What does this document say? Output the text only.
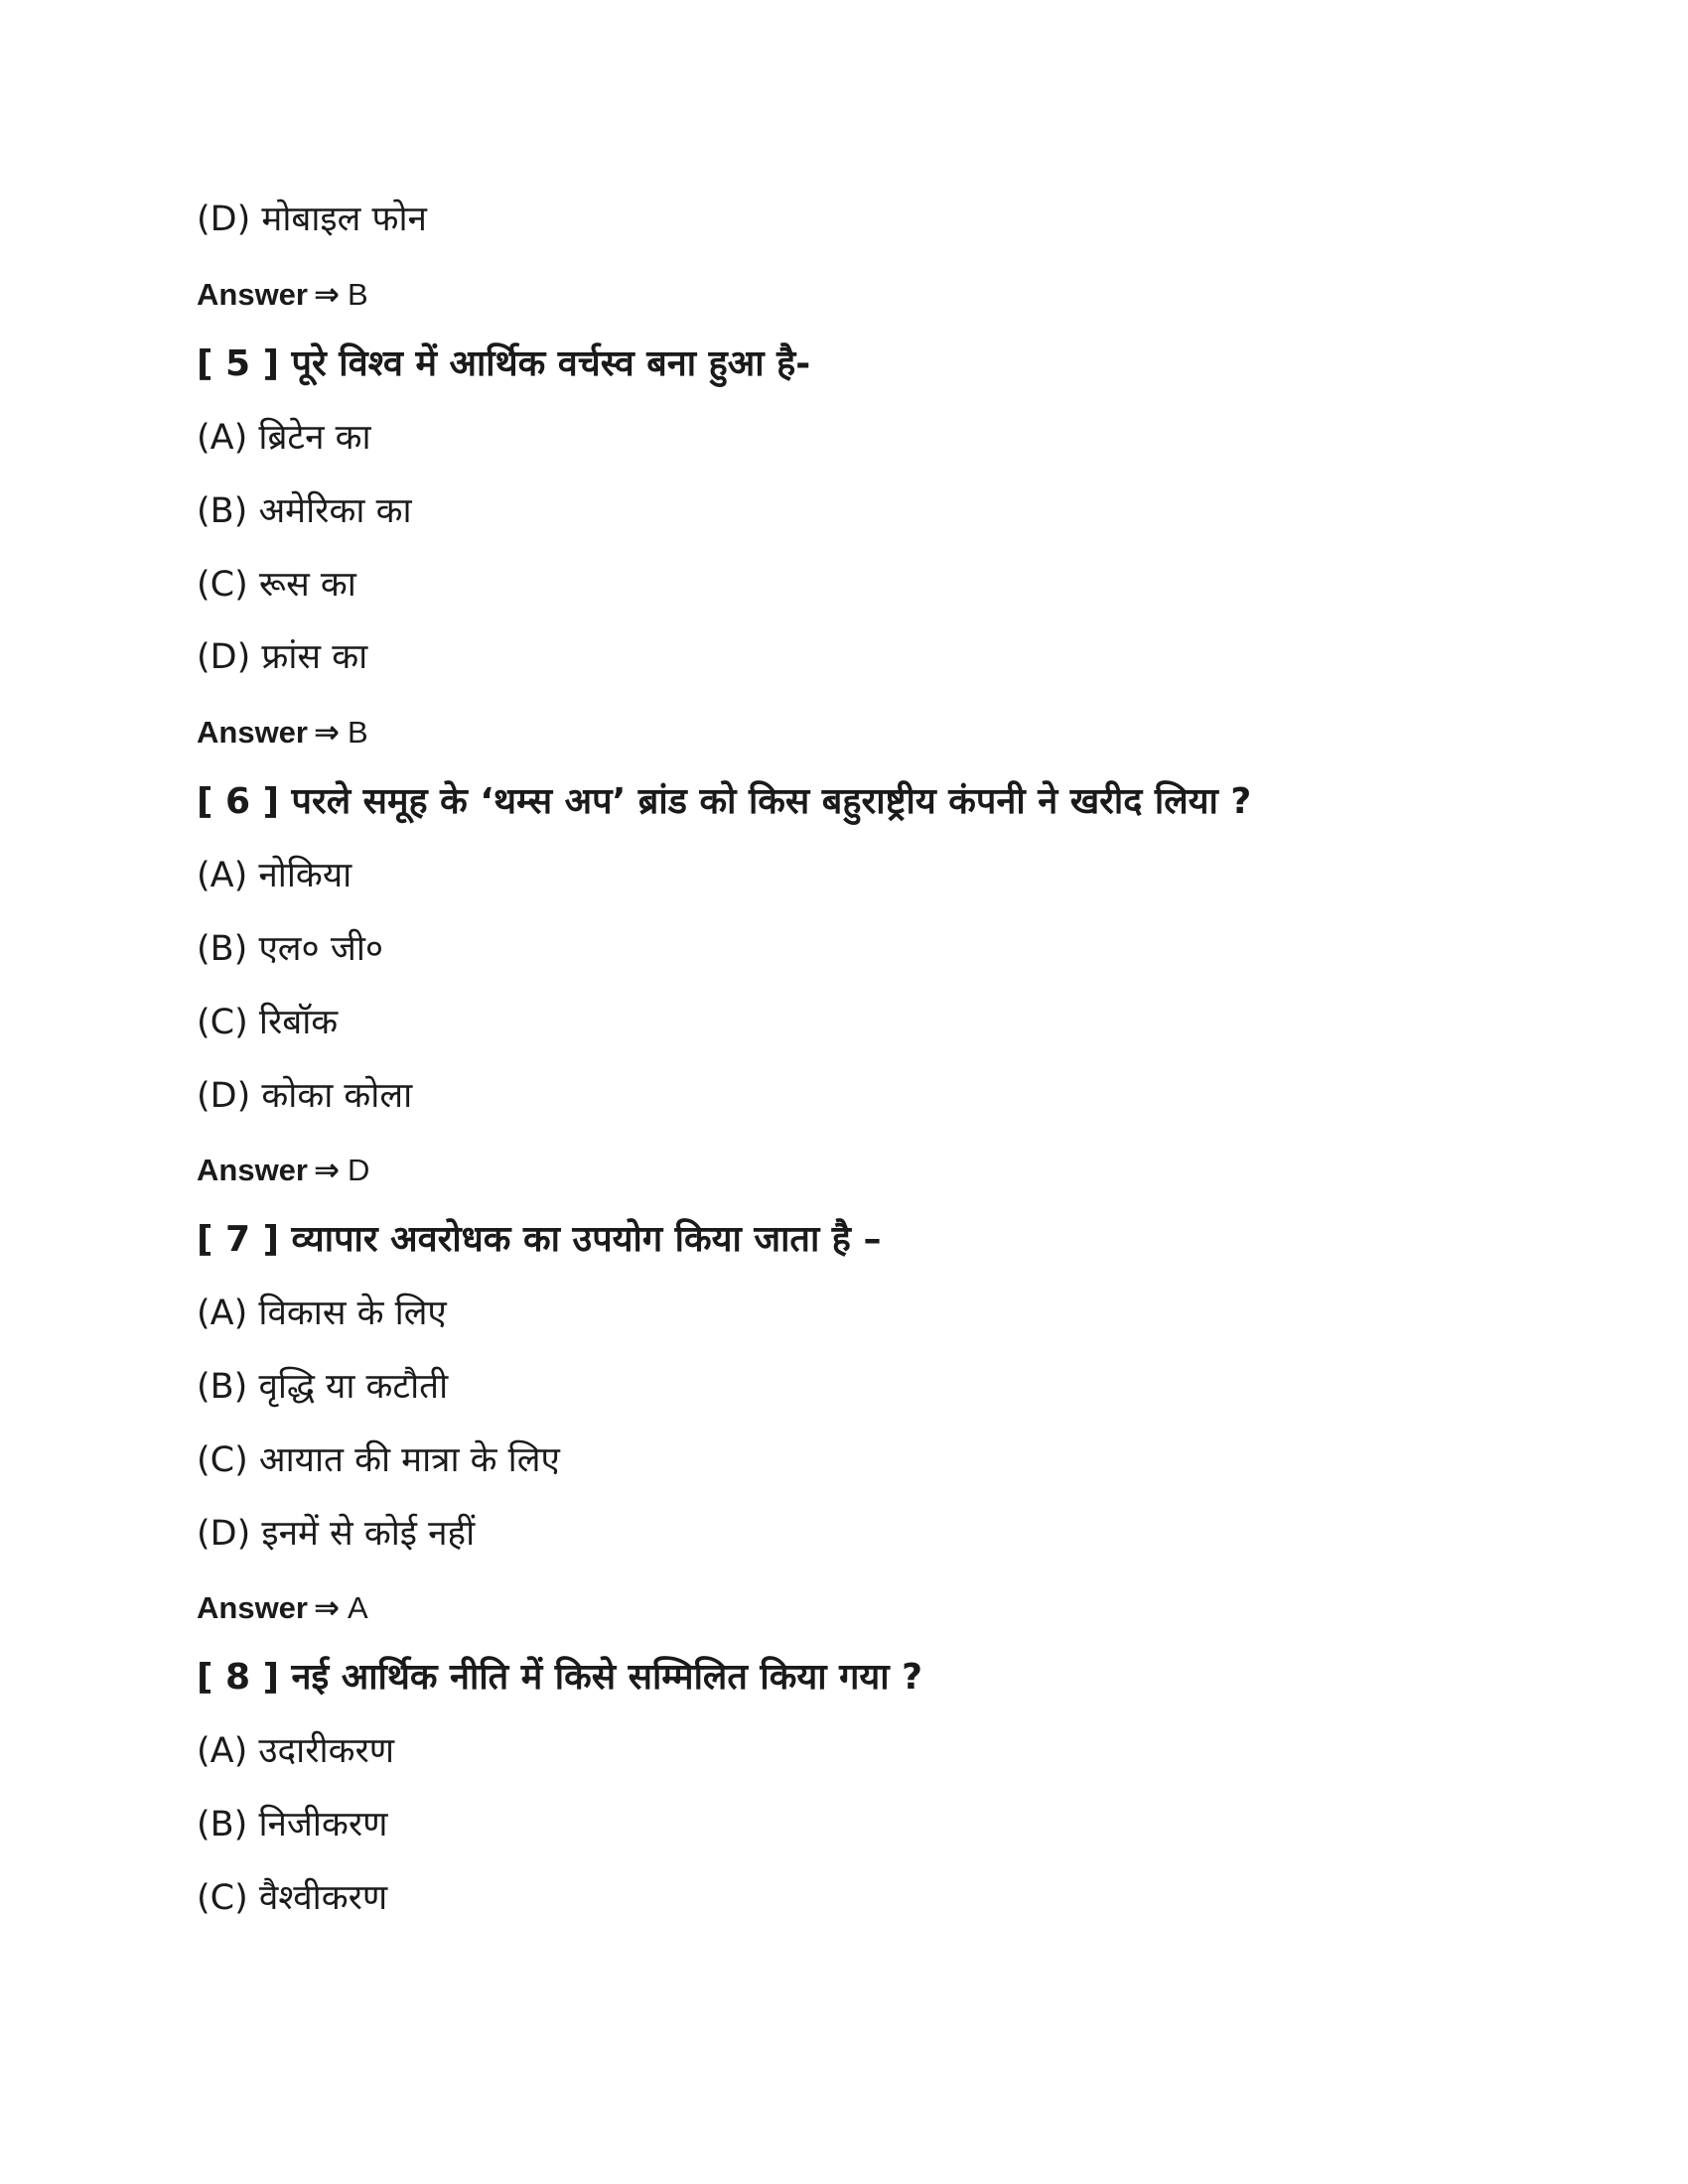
(D) मोबाइल फोन
Answer ⇒ B
[ 5 ] पूरे विश्व में आर्थिक वर्चस्व बना हुआ है-
(A) ब्रिटेन का
(B) अमेरिका का
(C) रूस का
(D) फ्रांस का
Answer ⇒ B
[ 6 ] परले समूह के ‘थम्स अप’ ब्रांड को किस बहुराष्ट्रीय कंपनी ने खरीद लिया ?
(A) नोकिया
(B) एल० जी०
(C) रिबॉक
(D) कोका कोला
Answer ⇒ D
[ 7 ] व्यापार अवरोधक का उपयोग किया जाता है –
(A) विकास के लिए
(B) वृद्धि या कटौती
(C) आयात की मात्रा के लिए
(D) इनमें से कोई नहीं
Answer ⇒ A
[ 8 ] नई आर्थिक नीति में किसे सम्मिलित किया गया ?
(A) उदारीकरण
(B) निजीकरण
(C) वैश्वीकरण
